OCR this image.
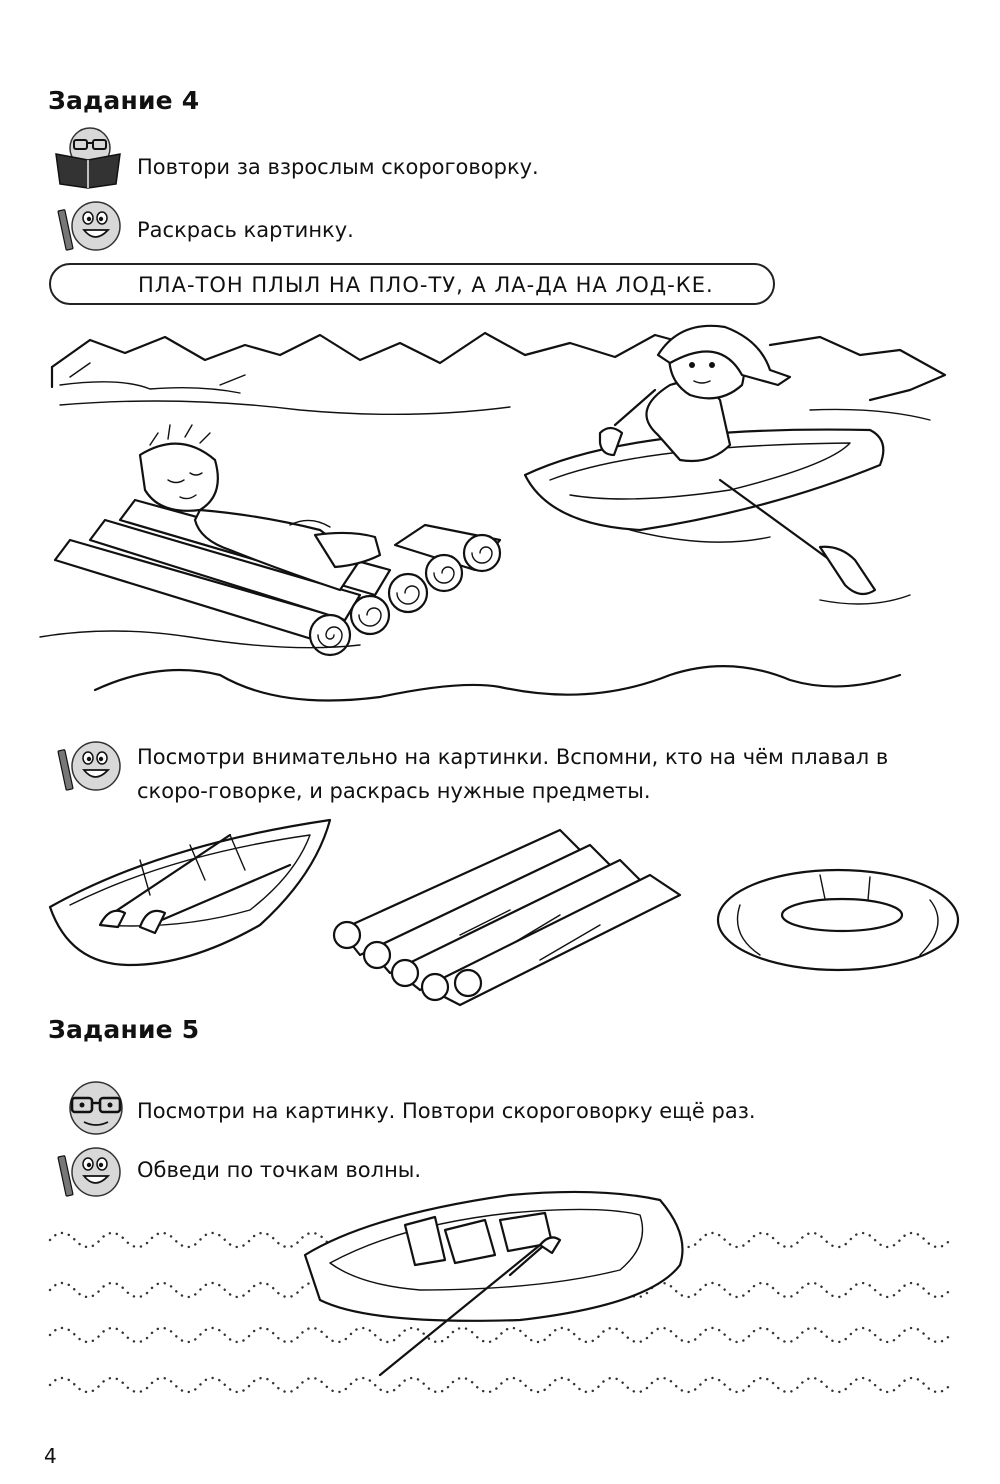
Задание 4
Повтори за взрослым скороговорку.
Раскрась картинку.
ПЛА-ТОН ПЛЫЛ НА ПЛО-ТУ, А ЛА-ДА НА ЛОД-КЕ.
Посмотри внимательно на картинки. Вспомни, кто на чём плавал в скоро-говорке, и раскрась нужные предметы.
Задание 5
Посмотри на картинку. Повтори скороговорку ещё раз.
Обведи по точкам волны.
4
